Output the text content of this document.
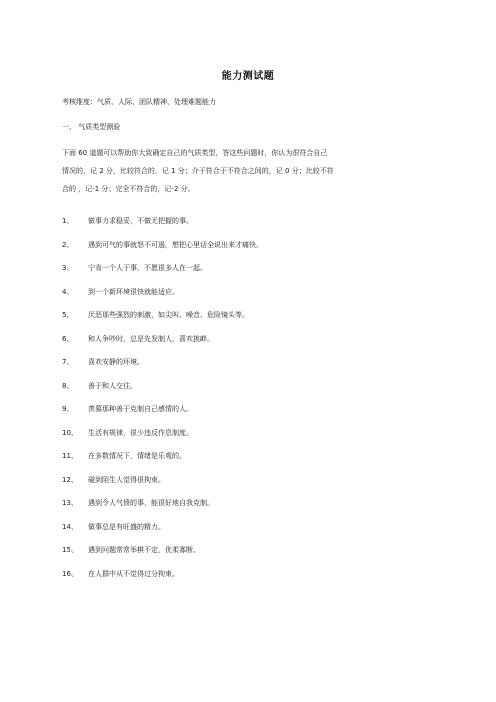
能力测试题
考核维度：气质、人际、团队精神、处理难题能力
一、 气质类型测验
下面 60 道题可以帮助你大致确定自己的气质类型，答这些问题时，你认为很符合自己
情况的，记 2 分，比较符合的，记 1 分；介于符合于不符合之间的，记 0 分；比较不符
合的 ，记-1 分；完全不符合的，记-2 分。
1、 做事力求稳妥，不做无把握的事。
2、 遇到可气的事就怒不可遏，想把心里话全说出来才痛快。
3、 宁肯一个人干事，不愿很多人在一起。
4、 到一个新环境很快就能适应。
5、 厌恶那些强烈的刺激，如尖叫、噪音、危险镜头等。
6、 和人争吵时，总是先发制人，喜欢挑衅。
7、 喜欢安静的环境。
8、 善于和人交往。
9、 羡慕那种善于克制自己感情的人。
10、 生活有规律，很少违反作息制度。
11、 在多数情况下，情绪是乐观的。
12、 碰到陌生人觉得很拘束。
13、 遇到令人气愤的事，能很好地自我克制。
14、 做事总是有旺盛的精力。
15、 遇到问题常常举棋不定，优柔寡断。
16、 在人群中从不觉得过分拘束。
